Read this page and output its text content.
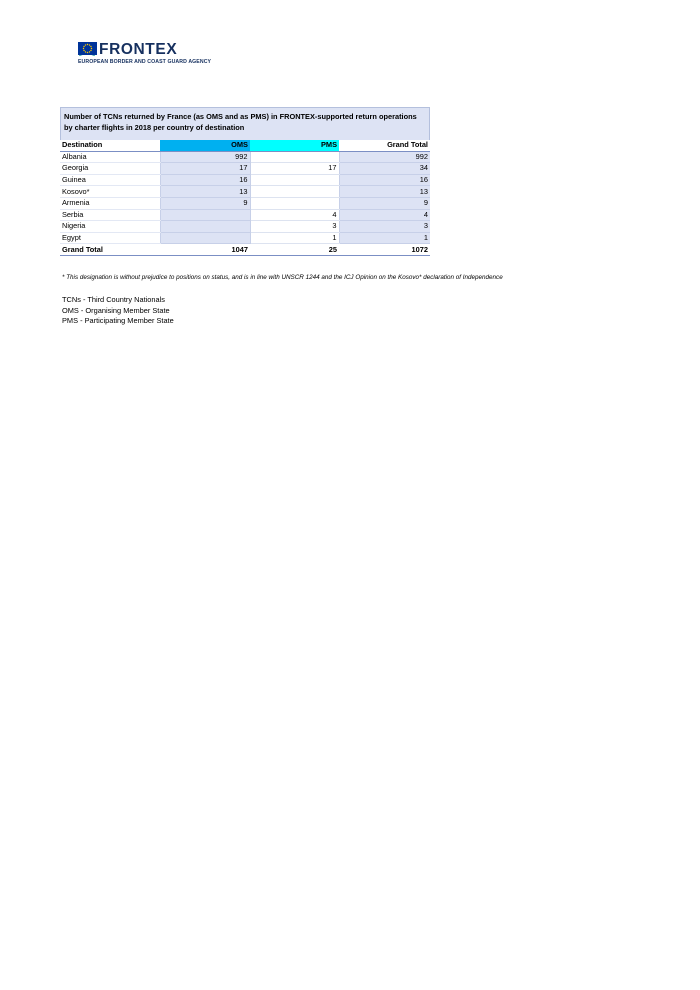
FRONTEX
EUROPEAN BORDER AND COAST GUARD AGENCY
Number of TCNs returned by France (as OMS and as PMS) in FRONTEX-supported return operations by charter flights in 2018 per country of destination
Destination	OMS	PMS	Grand Total
Albania	992		992
Georgia	17	17	34
Guinea	16		16
Kosovo*	13		13
Armenia	9		9
Serbia		4	4
Nigeria		3	3
Egypt		1	1
Grand Total	1047	25	1072
* This designation is without prejudice to positions on status, and is in line with UNSCR 1244 and the ICJ Opinion on the Kosovo* declaration of Independence
TCNs - Third Country Nationals
OMS - Organising Member State
PMS - Participating Member State
